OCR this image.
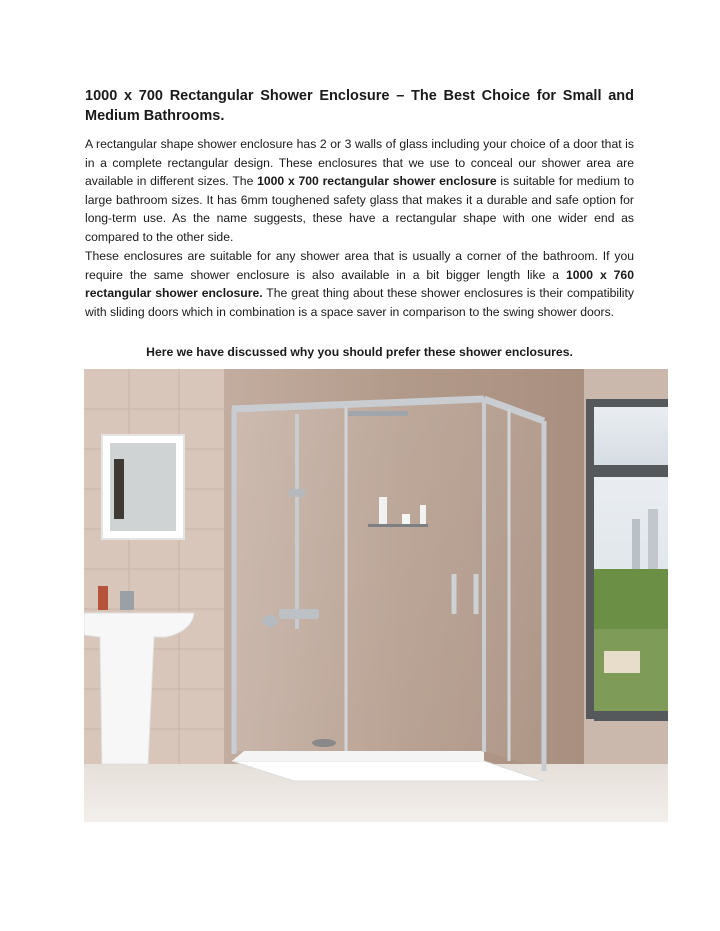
1000 x 700 Rectangular Shower Enclosure – The Best Choice for Small and Medium Bathrooms.

A rectangular shape shower enclosure has 2 or 3 walls of glass including your choice of a door that is in a complete rectangular design. These enclosures that we use to conceal our shower area are available in different sizes. The 1000 x 700 rectangular shower enclosure is suitable for medium to large bathroom sizes. It has 6mm toughened safety glass that makes it a durable and safe option for long-term use. As the name suggests, these have a rectangular shape with one wider end as compared to the other side.

These enclosures are suitable for any shower area that is usually a corner of the bathroom. If you require the same shower enclosure is also available in a bit bigger length like a 1000 x 760 rectangular shower enclosure. The great thing about these shower enclosures is their compatibility with sliding doors which in combination is a space saver in comparison to the swing shower doors.

Here we have discussed why you should prefer these shower enclosures.
